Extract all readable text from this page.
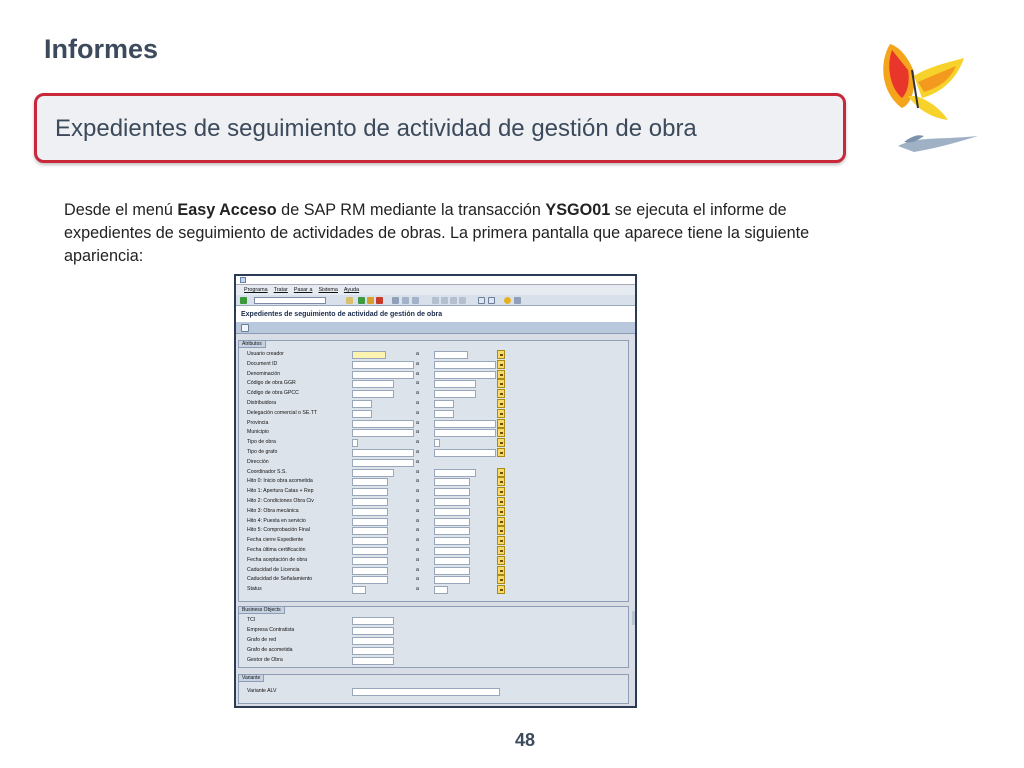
Informes
Expedientes de seguimiento de actividad de gestión de obra
Desde el menú Easy Acceso de SAP RM mediante la transacción YSGO01 se ejecuta el informe de expedientes de seguimiento de actividades de obras. La primera pantalla que aparece tiene la siguiente apariencia:
Programa Tratar Pasar a Sistema Ayuda
Expedientes de seguimiento de actividad de gestión de obra
Atributos
Usuario creador	a
Document ID	a
Denominación	a
Código de obra GGR	a
Código de obra GPCC	a
Distribuidora	a
Delegación comercial o SE.TT	a
Provincia	a
Municipio	a
Tipo de obra	a
Tipo de grafo	a
Dirección	a
Coordinador S.S.	a
Hito 0: Inicio obra acometida	a
Hito 1: Apertura Catas + Rep	a
Hito 2: Condiciones Obra Civ	a
Hito 3: Obra mecánica	a
Hito 4: Puesta en servicio	a
Hito 5: Comprobación Final	a
Fecha cierre Expediente	a
Fecha última certificación	a
Fecha aceptación de obra	a
Caducidad de Licencia	a
Caducidad de Señalamiento	a
Status	a
Business Objects
TCI
Empresa Contratista
Grafo de red
Grafo de acometida
Gestor de Obra
Variante
Variante ALV
48
